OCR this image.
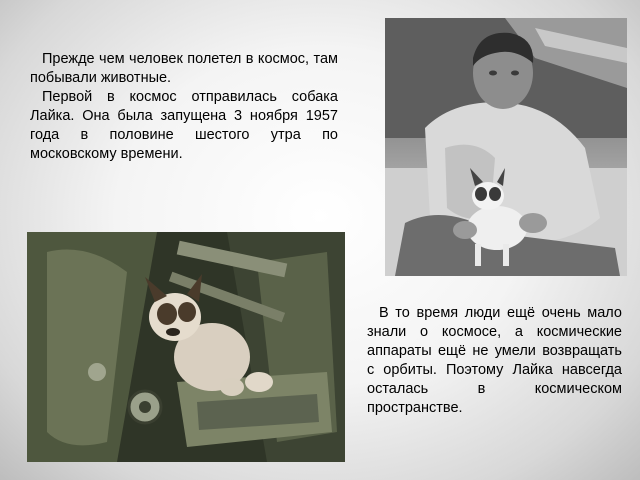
Прежде чем человек полетел в космос, там побывали животные.

Первой в космос отправилась собака Лайка. Она была запущена 3 ноября 1957 года в половине шестого утра по московскому времени.

В то время люди ещё очень мало знали о космосе, а космические аппараты ещё не умели возвращать с орбиты. Поэтому Лайка навсегда осталась в космическом пространстве.
